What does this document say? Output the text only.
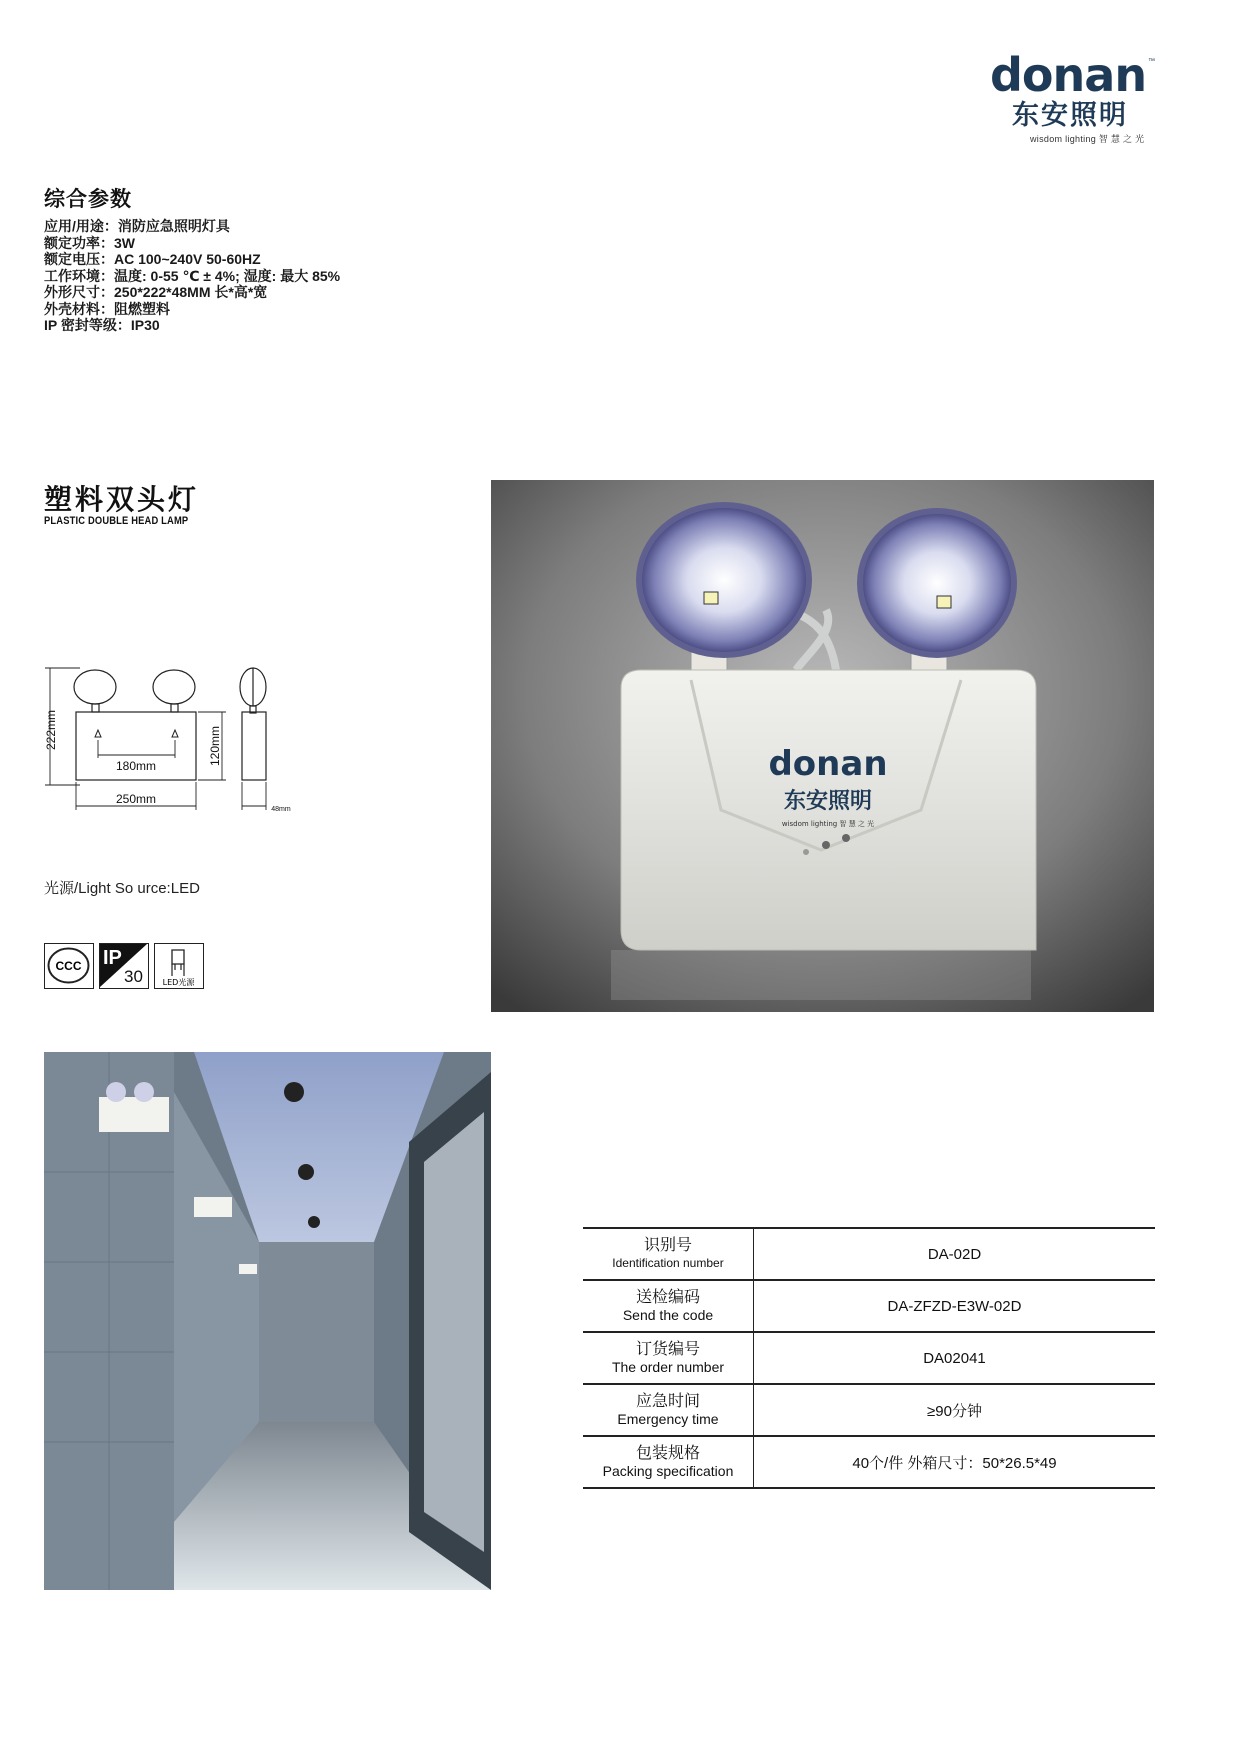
donan ™
东安照明
wisdom lighting 智 慧 之 光
综合参数
应用/用途：消防应急照明灯具
额定功率：3W
额定电压：AC 100~240V 50-60HZ
工作环境：温度: 0-55 ℃ ± 4%; 湿度: 最大 85%
外形尺寸：250*222*48MM 长*高*宽
外壳材料：阻燃塑料
IP 密封等级：IP30
塑料双头灯
PLASTIC DOUBLE HEAD LAMP
222mm
180mm	120mm
250mm
48mm
光源/Light So urce:LED
CCC IP
30 LED光源
donan
东安照明
wisdom lighting 智 慧 之 光
识别号
Identification number	DA-02D

送检编码
Send the code	DA-ZFZD-E3W-02D

订货编号
The order number	DA02041

应急时间
Emergency time	≥90分钟

包装规格
Packing specification	40个/件 外箱尺寸：50*26.5*49
